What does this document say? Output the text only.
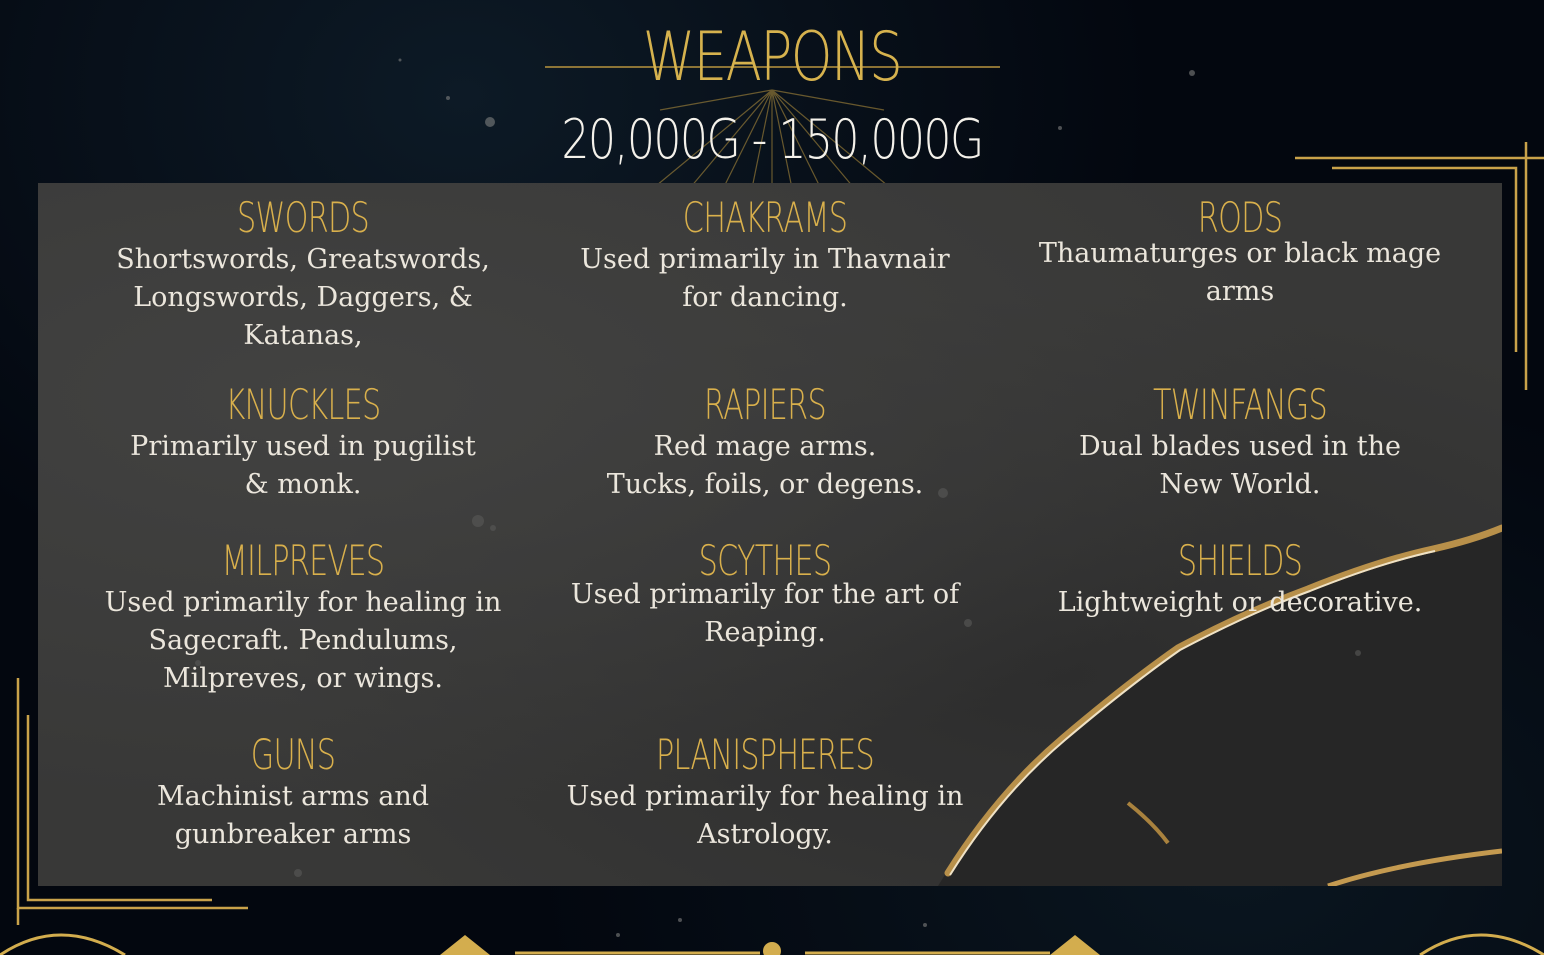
WEAPONS
20,000G - 150,000G
SWORDS
Shortswords, Greatswords,
Longswords, Daggers, &
Katanas,
CHAKRAMS
Used primarily in Thavnair
for dancing.
RODS
Thaumaturges or black mage
arms
KNUCKLES
Primarily used in pugilist
& monk.
RAPIERS
Red mage arms.
Tucks, foils, or degens.
TWINFANGS
Dual blades used in the
New World.
MILPREVES
Used primarily for healing in
Sagecraft. Pendulums,
Milpreves, or wings.
SCYTHES
Used primarily for the art of
Reaping.
SHIELDS
Lightweight or decorative.
GUNS
Machinist arms and
gunbreaker arms
PLANISPHERES
Used primarily for healing in
Astrology.
